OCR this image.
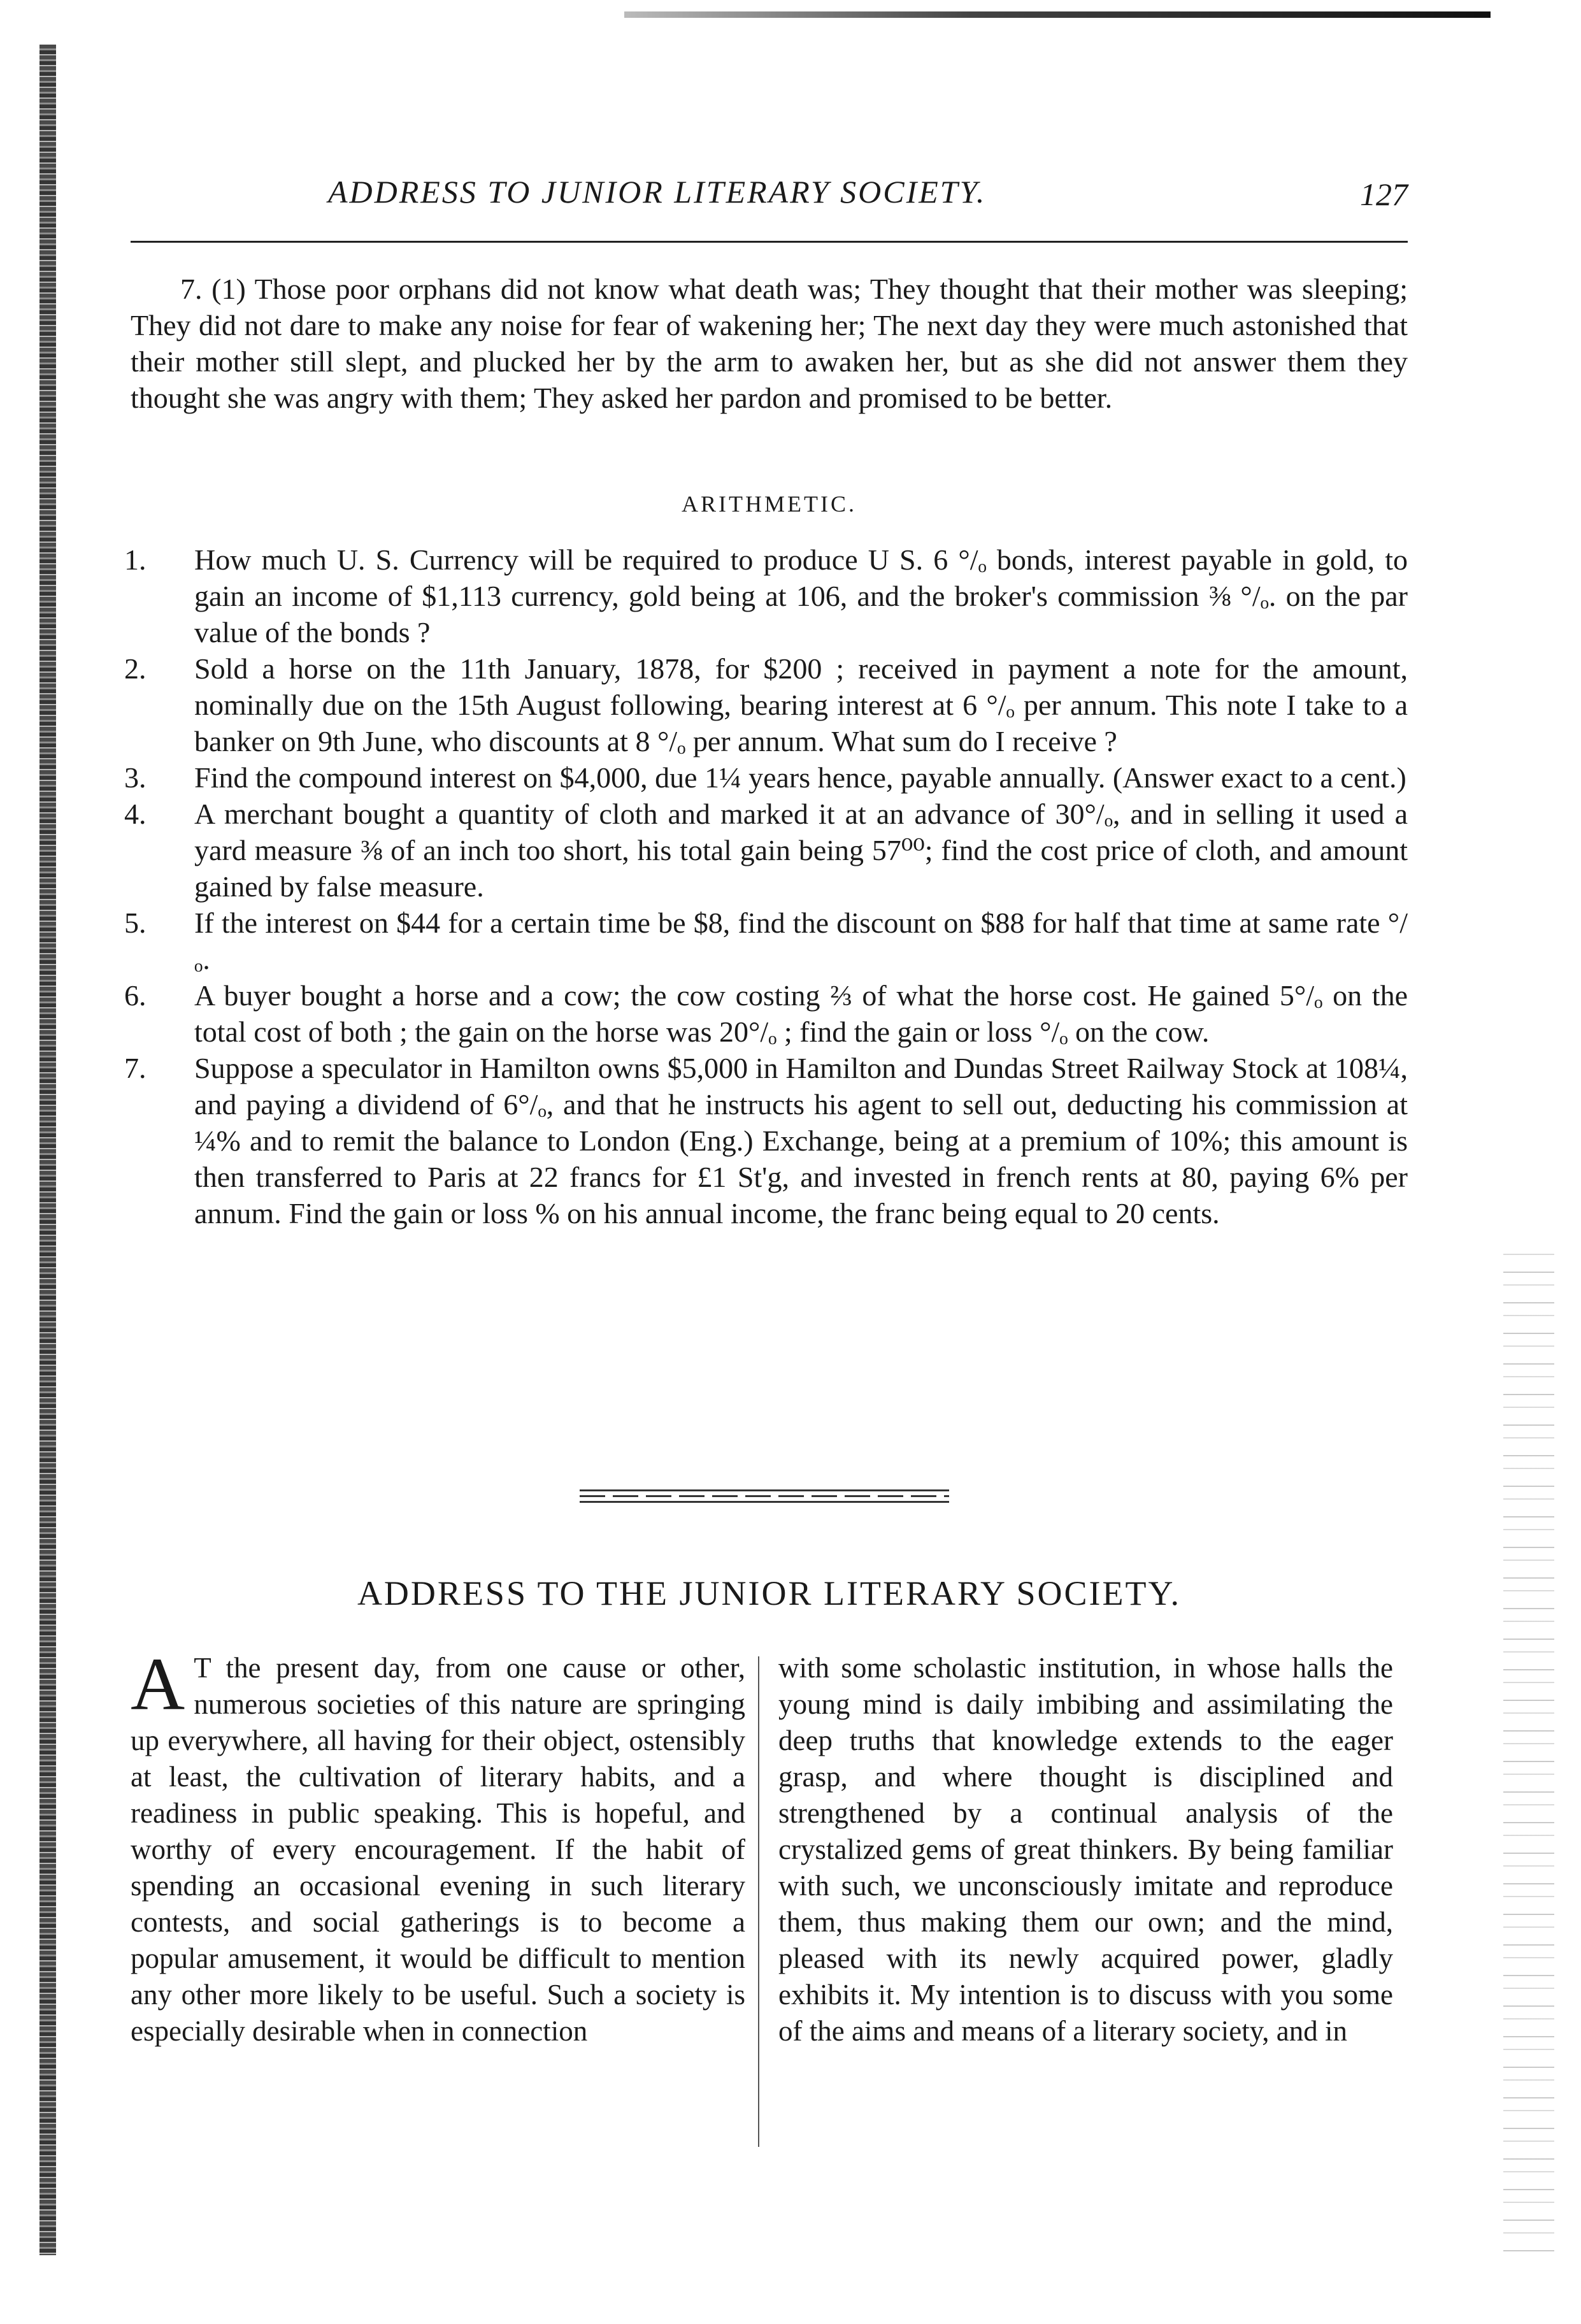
ADDRESS TO JUNIOR LITERARY SOCIETY.	127

7. (1) Those poor orphans did not know what death was; They thought that their mother was sleeping; They did not dare to make any noise for fear of wakening her; The next day they were much astonished that their mother still slept, and plucked her by the arm to awaken her, but as she did not answer them they thought she was angry with them; They asked her pardon and promised to be better.

ARITHMETIC.
1. How much U. S. Currency will be required to produce U S. 6 °/ₒ bonds, interest payable in gold, to gain an income of $1,113 currency, gold being at 106, and the broker's commission ⅜ °/ₒ. on the par value of the bonds ?
2. Sold a horse on the 11th January, 1878, for $200 ; received in payment a note for the amount, nominally due on the 15th August following, bearing interest at 6 °/ₒ per annum. This note I take to a banker on 9th June, who discounts at 8 °/ₒ per annum. What sum do I receive ?
3. Find the compound interest on $4,000, due 1¼ years hence, payable annually. (Answer exact to a cent.)
4. A merchant bought a quantity of cloth and marked it at an advance of 30°/ₒ, and in selling it used a yard measure ⅜ of an inch too short, his total gain being 57⁰⁰; find the cost price of cloth, and amount gained by false measure.
5. If the interest on $44 for a certain time be $8, find the discount on $88 for half that time at same rate °/ₒ.
6. A buyer bought a horse and a cow; the cow costing ⅔ of what the horse cost. He gained 5°/ₒ on the total cost of both ; the gain on the horse was 20°/ₒ ; find the gain or loss °/ₒ on the cow.
7. Suppose a speculator in Hamilton owns $5,000 in Hamilton and Dundas Street Railway Stock at 108¼, and paying a dividend of 6°/ₒ, and that he instructs his agent to sell out, deducting his commission at ¼% and to remit the balance to London (Eng.) Exchange, being at a premium of 10%; this amount is then transferred to Paris at 22 francs for £1 St'g, and invested in french rents at 80, paying 6% per annum. Find the gain or loss % on his annual income, the franc being equal to 20 cents.
ADDRESS TO THE JUNIOR LITERARY SOCIETY.

A T the present day, from one cause or other, numerous societies of this nature are springing up everywhere, all having for their object, ostensibly at least, the cultivation of literary habits, and a readiness in public speaking. This is hopeful, and worthy of every encouragement. If the habit of spending an occasional evening in such literary contests, and social gatherings is to become a popular amusement, it would be difficult to mention any other more likely to be useful. Such a society is especially desirable when in connection

with some scholastic institution, in whose halls the young mind is daily imbibing and assimilating the deep truths that knowledge extends to the eager grasp, and where thought is disciplined and strengthened by a continual analysis of the crystalized gems of great thinkers. By being familiar with such, we unconsciously imitate and reproduce them, thus making them our own; and the mind, pleased with its newly acquired power, gladly exhibits it. My intention is to discuss with you some of the aims and means of a literary society, and in
